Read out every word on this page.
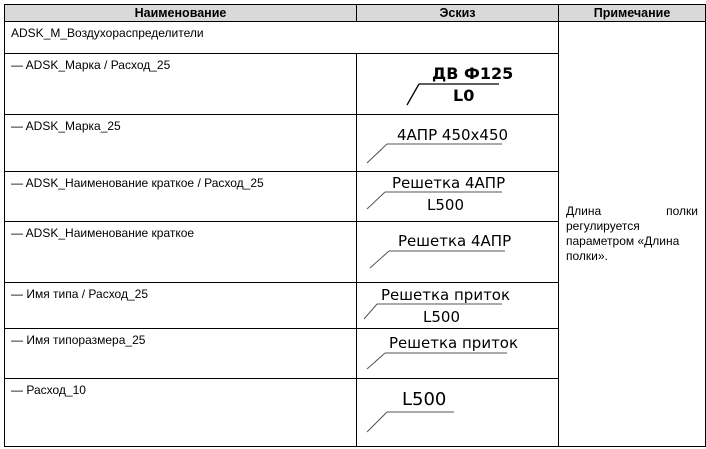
Наименование	Эскиз	Примечание
ADSK_M_Воздухораспределители		Длина полки
регулируется
параметром «Длина
полки».

— ADSK_Марка / Расход_25	ДВ Ф125
L0	

— ADSK_Марка_25	4АПР 450х450	

— ADSK_Наименование краткое / Расход_25	Решетка 4АПР
L500	

— ADSK_Наименование краткое	Решетка 4АПР	

— Имя типа / Расход_25	Решетка приток
L500	

— Имя типоразмера_25	Решетка приток	

— Расход_10	L500	
